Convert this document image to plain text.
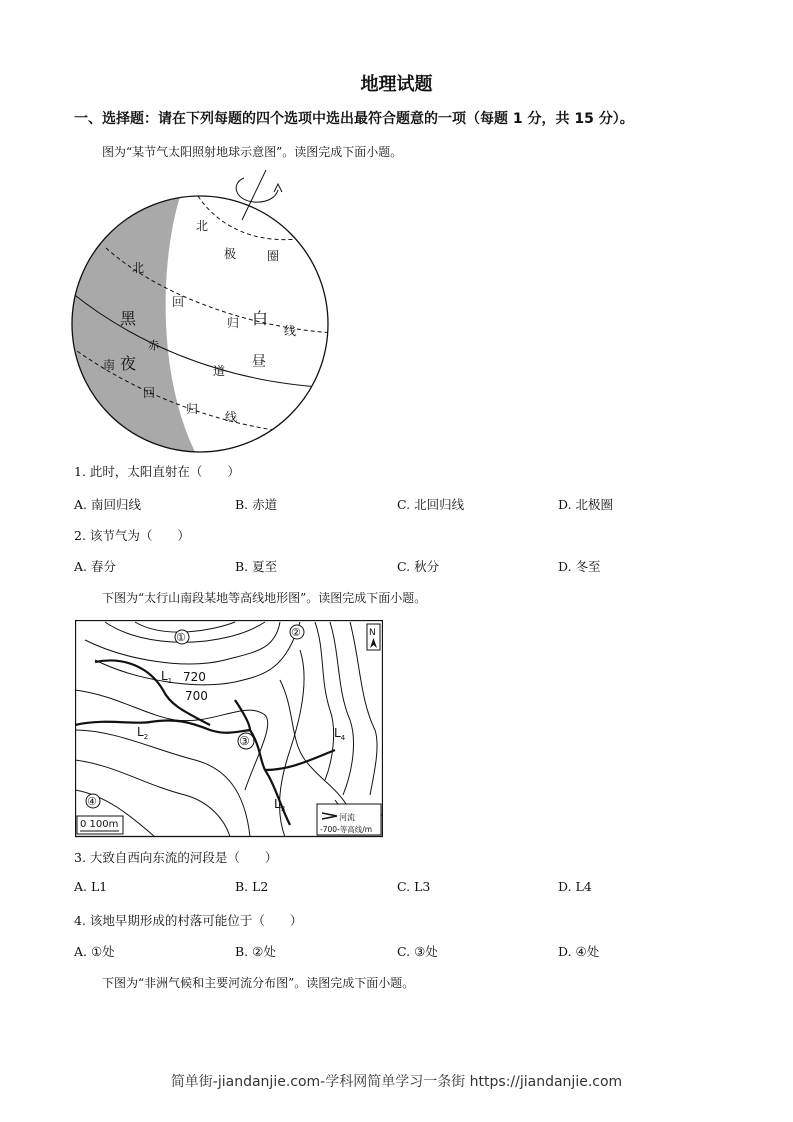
地理试题
一、选择题：请在下列每题的四个选项中选出最符合题意的一项（每题 1 分，共 15 分）。
图为“某节气太阳照射地球示意图”。读图完成下面小题。
北
极	圈
北
回
黑	归 白
线
赤
南 夜	道
昼
回
归
线
1. 此时，太阳直射在（　　）
A. 南回归线	B. 赤道	C. 北回归线	D. 北极圈
2. 该节气为（　　）
A. 春分	B. 夏至	C. 秋分	D. 冬至
下图为“太行山南段某地等高线地形图”。读图完成下面小题。
①	②
③
④
720
700
$L_1$
$L_2$
$L_3$
$L_4$
N
0 100m
河流
-700-等高线/m
3. 大致自西向东流的河段是（　　）
A. L1	B. L2	C. L3	D. L4
4. 该地早期形成的村落可能位于（　　）
A. ①处	B. ②处	C. ③处	D. ④处
下图为“非洲气候和主要河流分布图”。读图完成下面小题。
简单街-jiandanjie.com-学科网简单学习一条街 https://jiandanjie.com
